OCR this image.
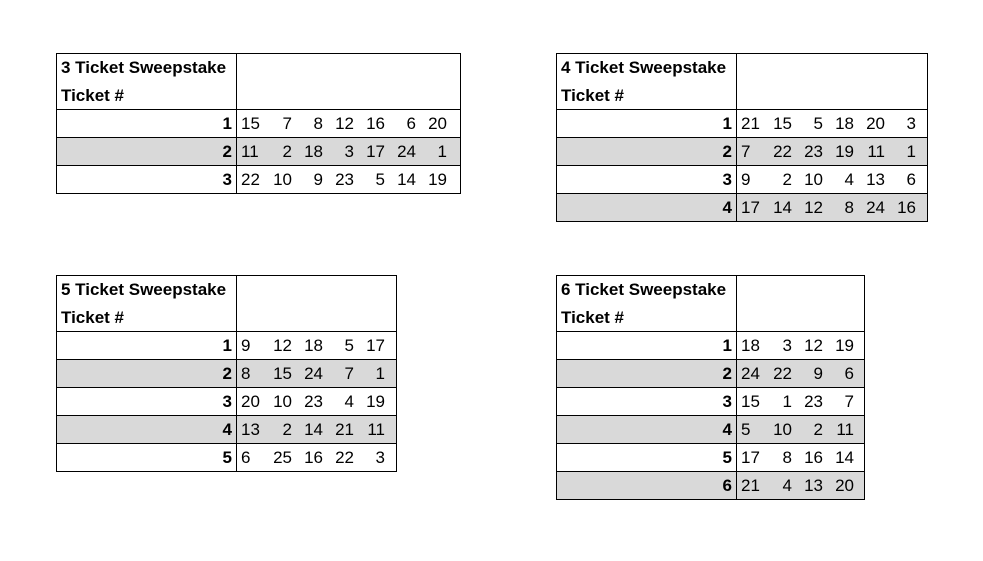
3 Ticket Sweepstake	
Ticket #	
1	15 7 8 12 16 6 20
2	11 2 18 3 17 24 1
3	22 10 9 23 5 14 19
4 Ticket Sweepstake	
Ticket #	
1	21 15 5 18 20 3
2	7 22 23 19 11 1
3	9 2 10 4 13 6
4	17 14 12 8 24 16
5 Ticket Sweepstake	
Ticket #	
1	9 12 18 5 17
2	8 15 24 7 1
3	20 10 23 4 19
4	13 2 14 21 11
5	6 25 16 22 3
6 Ticket Sweepstake	
Ticket #	
1	18 3 12 19
2	24 22 9 6
3	15 1 23 7
4	5 10 2 11
5	17 8 16 14
6	21 4 13 20
